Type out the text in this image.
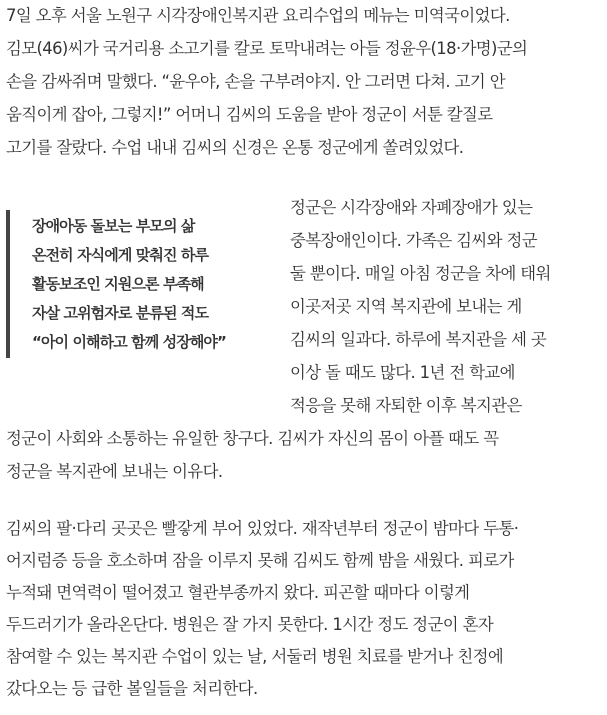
7일 오후 서울 노원구 시각장애인복지관 요리수업의 메뉴는 미역국이었다.
김모(46)씨가 국거리용 소고기를 칼로 토막내려는 아들 정윤우(18·가명)군의
손을 감싸쥐며 말했다. “윤우야, 손을 구부려야지. 안 그러면 다쳐. 고기 안
움직이게 잡아, 그렇지!” 어머니 김씨의 도움을 받아 정군이 서툰 칼질로
고기를 잘랐다. 수업 내내 김씨의 신경은 온통 정군에게 쏠려있었다.
장애아동 돌보는 부모의 삶
온전히 자식에게 맞춰진 하루
활동보조인 지원으론 부족해
자살 고위험자로 분류된 적도
“아이 이해하고 함께 성장해야”
정군은 시각장애와 자폐장애가 있는
중복장애인이다. 가족은 김씨와 정군
둘 뿐이다. 매일 아침 정군을 차에 태워
이곳저곳 지역 복지관에 보내는 게
김씨의 일과다. 하루에 복지관을 세 곳
이상 돌 때도 많다. 1년 전 학교에
적응을 못해 자퇴한 이후 복지관은
정군이 사회와 소통하는 유일한 창구다. 김씨가 자신의 몸이 아플 때도 꼭
정군을 복지관에 보내는 이유다.
김씨의 팔·다리 곳곳은 빨갛게 부어 있었다. 재작년부터 정군이 밤마다 두통·
어지럼증 등을 호소하며 잠을 이루지 못해 김씨도 함께 밤을 새웠다. 피로가
누적돼 면역력이 떨어졌고 혈관부종까지 왔다. 피곤할 때마다 이렇게
두드러기가 올라온단다. 병원은 잘 가지 못한다. 1시간 정도 정군이 혼자
참여할 수 있는 복지관 수업이 있는 날, 서둘러 병원 치료를 받거나 친정에
갔다오는 등 급한 볼일들을 처리한다.
